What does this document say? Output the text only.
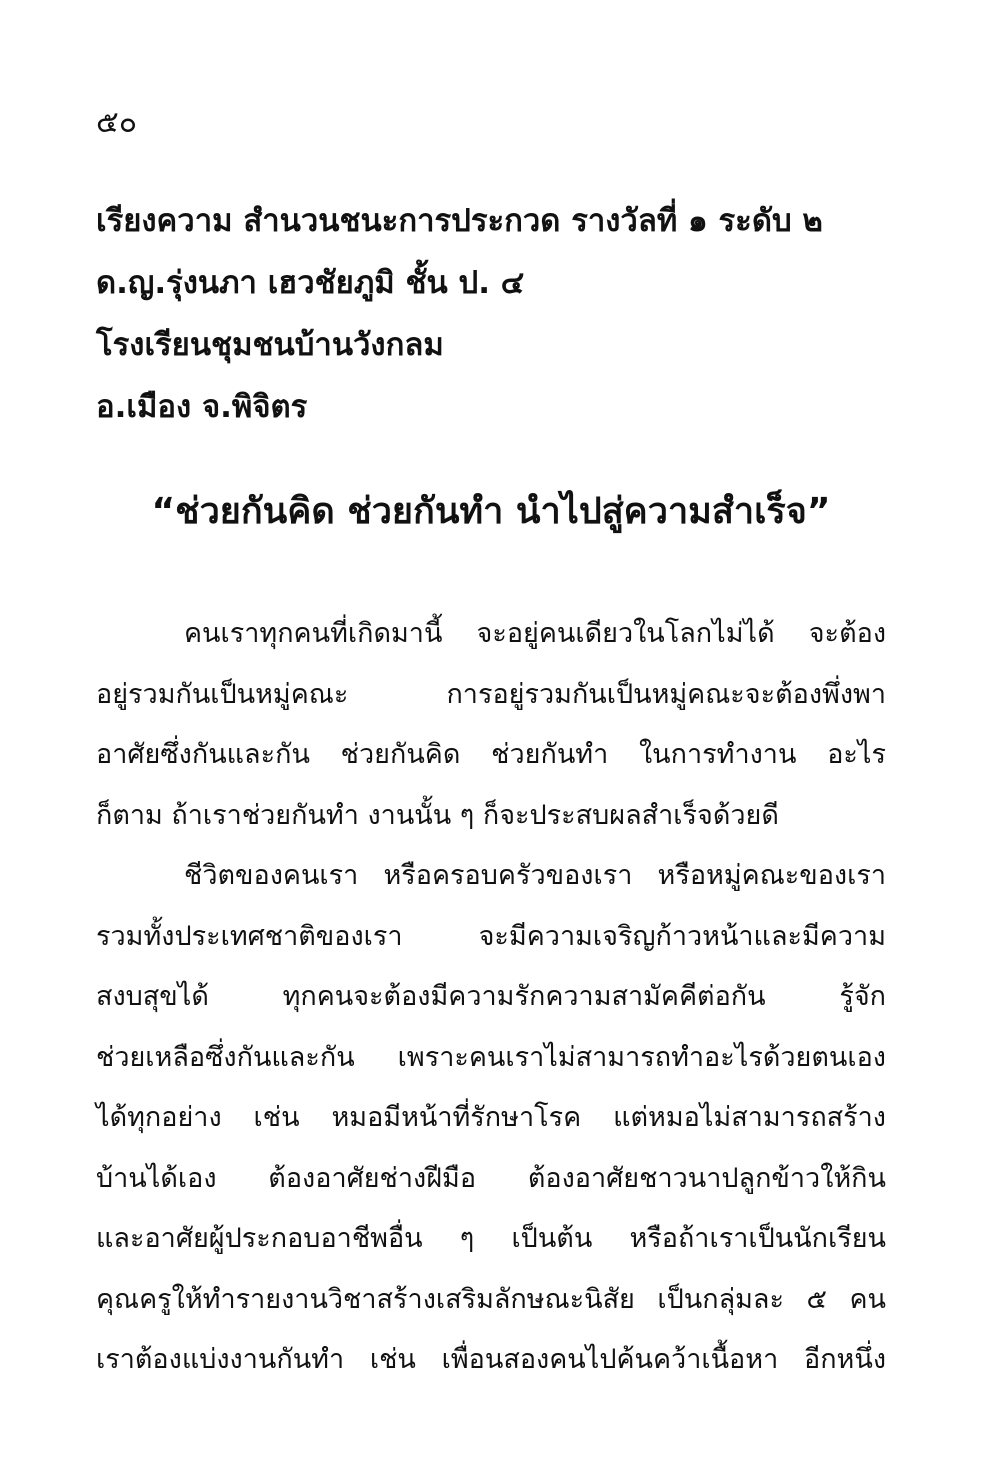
๕๐
เรียงความ สำนวนชนะการประกวด รางวัลที่ ๑ ระดับ ๒
ด.ญ.รุ่งนภา เฮวชัยภูมิ ชั้น ป. ๔
โรงเรียนชุมชนบ้านวังกลม
อ.เมือง จ.พิจิตร
“ช่วยกันคิด ช่วยกันทำ นำไปสู่ความสำเร็จ”
คนเราทุกคนที่เกิดมานี้ จะอยู่คนเดียวในโลกไม่ได้ จะต้อง
อยู่รวมกันเป็นหมู่คณะ การอยู่รวมกันเป็นหมู่คณะจะต้องพึ่งพา
อาศัยซึ่งกันและกัน ช่วยกันคิด ช่วยกันทำ ในการทำงาน อะไร
ก็ตาม ถ้าเราช่วยกันทำ งานนั้น ๆ ก็จะประสบผลสำเร็จด้วยดี
ชีวิตของคนเรา หรือครอบครัวของเรา หรือหมู่คณะของเรา
รวมทั้งประเทศชาติของเรา จะมีความเจริญก้าวหน้าและมีความ
สงบสุขได้ ทุกคนจะต้องมีความรักความสามัคคีต่อกัน รู้จัก
ช่วยเหลือซึ่งกันและกัน เพราะคนเราไม่สามารถทำอะไรด้วยตนเอง
ได้ทุกอย่าง เช่น หมอมีหน้าที่รักษาโรค แต่หมอไม่สามารถสร้าง
บ้านได้เอง ต้องอาศัยช่างฝีมือ ต้องอาศัยชาวนาปลูกข้าวให้กิน
และอาศัยผู้ประกอบอาชีพอื่น ๆ เป็นต้น หรือถ้าเราเป็นนักเรียน
คุณครูให้ทำรายงานวิชาสร้างเสริมลักษณะนิสัย เป็นกลุ่มละ ๕ คน
เราต้องแบ่งงานกันทำ เช่น เพื่อนสองคนไปค้นคว้าเนื้อหา อีกหนึ่ง
